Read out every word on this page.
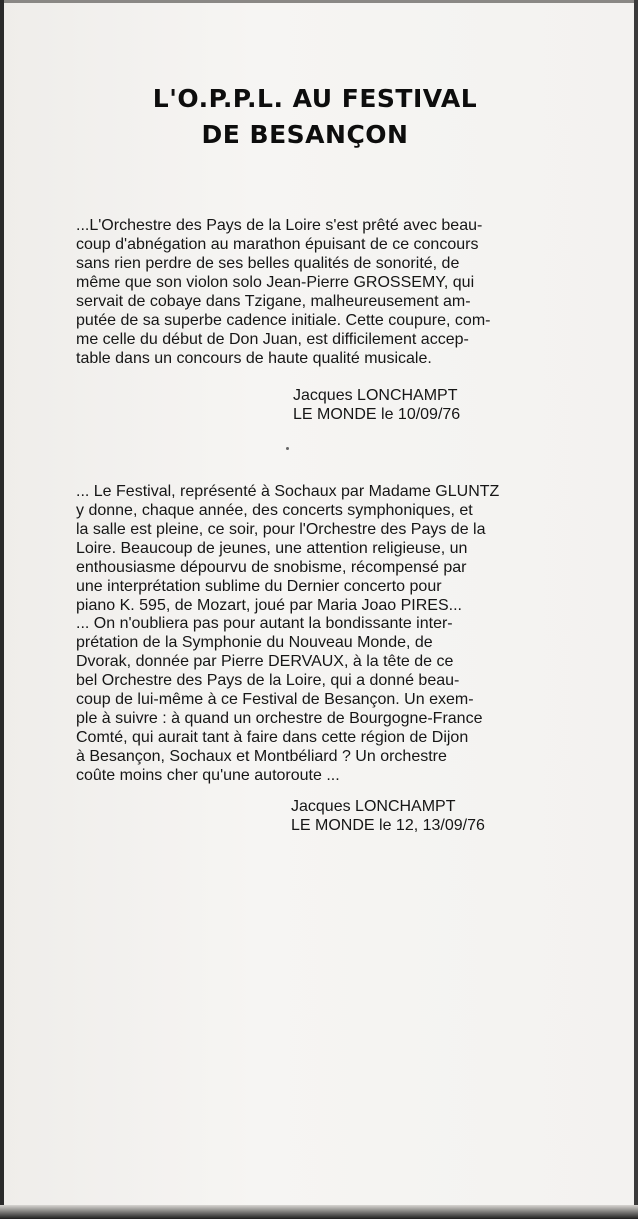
L'O.P.P.L. AU FESTIVAL
DE BESANÇON

...L'Orchestre des Pays de la Loire s'est prêté avec beau-
coup d'abnégation au marathon épuisant de ce concours
sans rien perdre de ses belles qualités de sonorité, de
même que son violon solo Jean-Pierre GROSSEMY, qui
servait de cobaye dans Tzigane, malheureusement am-
putée de sa superbe cadence initiale. Cette coupure, com-
me celle du début de Don Juan, est difficilement accep-
table dans un concours de haute qualité musicale.

Jacques LONCHAMPT
LE MONDE le 10/09/76

... Le Festival, représenté à Sochaux par Madame GLUNTZ
y donne, chaque année, des concerts symphoniques, et
la salle est pleine, ce soir, pour l'Orchestre des Pays de la
Loire. Beaucoup de jeunes, une attention religieuse, un
enthousiasme dépourvu de snobisme, récompensé par
une interprétation sublime du Dernier concerto pour
piano K. 595, de Mozart, joué par Maria Joao PIRES...

... On n'oubliera pas pour autant la bondissante inter-
prétation de la Symphonie du Nouveau Monde, de
Dvorak, donnée par Pierre DERVAUX, à la tête de ce
bel Orchestre des Pays de la Loire, qui a donné beau-
coup de lui-même à ce Festival de Besançon. Un exem-
ple à suivre : à quand un orchestre de Bourgogne-France
Comté, qui aurait tant à faire dans cette région de Dijon
à Besançon, Sochaux et Montbéliard ? Un orchestre
coûte moins cher qu'une autoroute ...

Jacques LONCHAMPT
LE MONDE le 12, 13/09/76
